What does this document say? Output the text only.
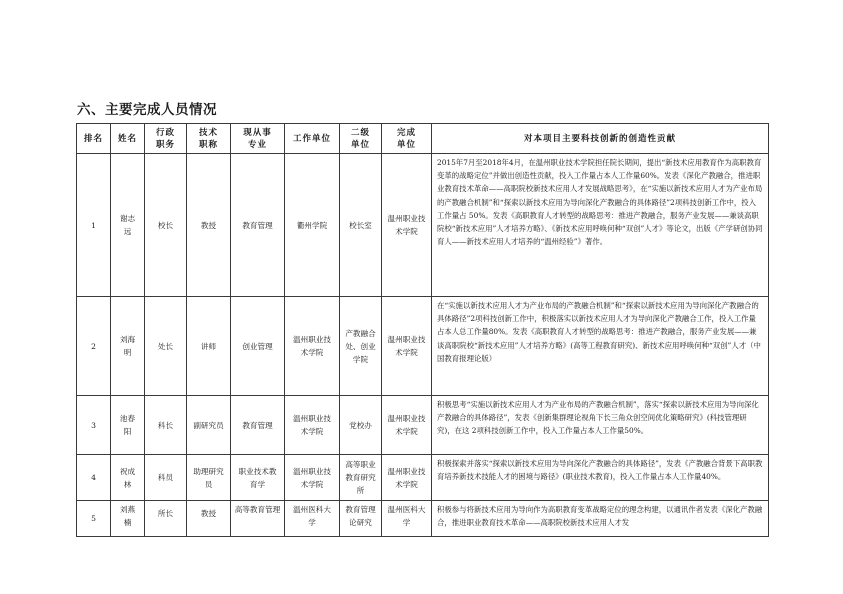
六、主要完成人员情况
排名	姓名	行政职务	技术职称	现从事专业	工作单位	二级单位	完成单位	对本项目主要科技创新的创造性贡献
1	谢志远	校长	教授	教育管理	衢州学院	校长室	温州职业技术学院	2015年7月至2018年4月，在温州职业技术学院担任院长期间，提出“新技术应用教育作为高职教育变革的战略定位”并做出创造性贡献，投入工作量占本人工作量60%。发表《深化产教融合，推进职业教育技术革命——高职院校新技术应用人才发展战略思考》，在“实施以新技术应用人才为产业布局的产教融合机制”和“探索以新技术应用为导向深化产教融合的具体路径”2项科技创新工作中，投入工作量占 50%。发表《高职教育人才转型的战略思考：推进产教融合，服务产业发展——兼谈高职院校“新技术应用”人才培养方略》、《新技术应用呼唤何种“双创”人才》等论文，出版《产学研创协同育人——新技术应用人才培养的“温州经验”》著作。
2	刘海明	处长	讲师	创业管理	温州职业技术学院	产教融合处、创业学院	温州职业技术学院	在“实施以新技术应用人才为产业布局的产教融合机制”和“探索以新技术应用为导向深化产教融合的具体路径”2项科技创新工作中，积极落实以新技术应用人才为导向深化产教融合工作，投入工作量占本人总工作量80%。发表《高职教育人才转型的战略思考：推进产教融合，服务产业发展——兼谈高职院校“新技术应用”人才培养方略》(高等工程教育研究)、新技术应用呼唤何种“双创”人才（中国教育报理论版）
3	池春阳	科长	副研究员	教育管理	温州职业技术学院	党校办	温州职业技术学院	积极思考“实施以新技术应用人才为产业布局的产教融合机制”，落实“探索以新技术应用为导向深化产教融合的具体路径”，发表《创新集群理论视角下长三角众创空间优化策略研究》(科技管理研究)，在这 2项科技创新工作中，投入工作量占本人工作量50%。
4	祝成林	科员	助理研究员	职业技术教育学	温州职业技术学院	高等职业教育研究所	温州职业技术学院	积极探索并落实“探索以新技术应用为导向深化产教融合的具体路径”，发表《产教融合背景下高职教育培养新技术技能人才的困境与路径》(职业技术教育)，投入工作量占本人工作量40%。
5	刘燕楠	所长	教授	高等教育管理	温州医科大学	教育管理论研究	温州医科大学	积极参与将新技术应用为导向作为高职教育变革战略定位的理念构建，以通讯作者发表《深化产教融合，推进职业教育技术革命——高职院校新技术应用人才发
